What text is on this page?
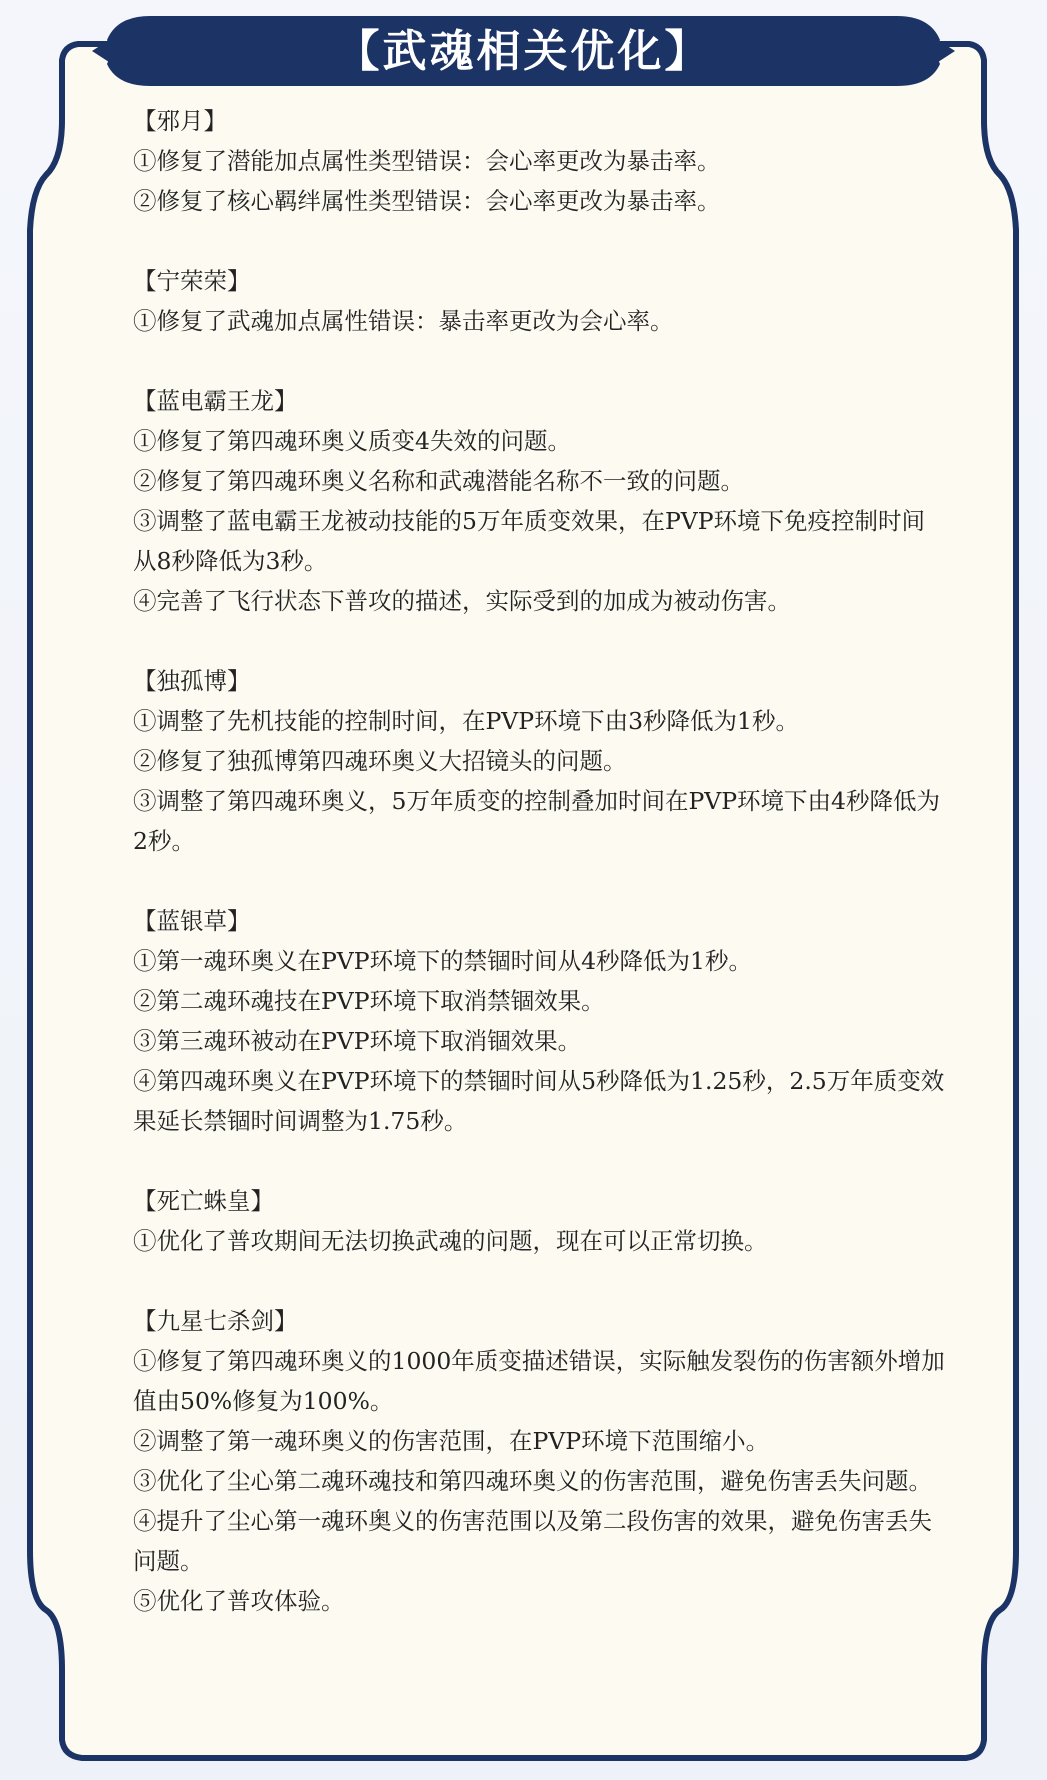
【武魂相关优化】

【邪月】

①修复了潜能加点属性类型错误：会心率更改为暴击率。

②修复了核心羁绊属性类型错误：会心率更改为暴击率。

【宁荣荣】

①修复了武魂加点属性错误：暴击率更改为会心率。

【蓝电霸王龙】

①修复了第四魂环奥义质变4失效的问题。

②修复了第四魂环奥义名称和武魂潜能名称不一致的问题。

③调整了蓝电霸王龙被动技能的5万年质变效果，在PVP环境下免疫控制时间从8秒降低为3秒。

④完善了飞行状态下普攻的描述，实际受到的加成为被动伤害。

【独孤博】

①调整了先机技能的控制时间，在PVP环境下由3秒降低为1秒。

②修复了独孤博第四魂环奥义大招镜头的问题。

③调整了第四魂环奥义，5万年质变的控制叠加时间在PVP环境下由4秒降低为2秒。

【蓝银草】

①第一魂环奥义在PVP环境下的禁锢时间从4秒降低为1秒。

②第二魂环魂技在PVP环境下取消禁锢效果。

③第三魂环被动在PVP环境下取消锢效果。

④第四魂环奥义在PVP环境下的禁锢时间从5秒降低为1.25秒，2.5万年质变效果延长禁锢时间调整为1.75秒。

【死亡蛛皇】

①优化了普攻期间无法切换武魂的问题，现在可以正常切换。

【九星七杀剑】

①修复了第四魂环奥义的1000年质变描述错误，实际触发裂伤的伤害额外增加值由50%修复为100%。

②调整了第一魂环奥义的伤害范围，在PVP环境下范围缩小。

③优化了尘心第二魂环魂技和第四魂环奥义的伤害范围，避免伤害丢失问题。

④提升了尘心第一魂环奥义的伤害范围以及第二段伤害的效果，避免伤害丢失问题。

⑤优化了普攻体验。
